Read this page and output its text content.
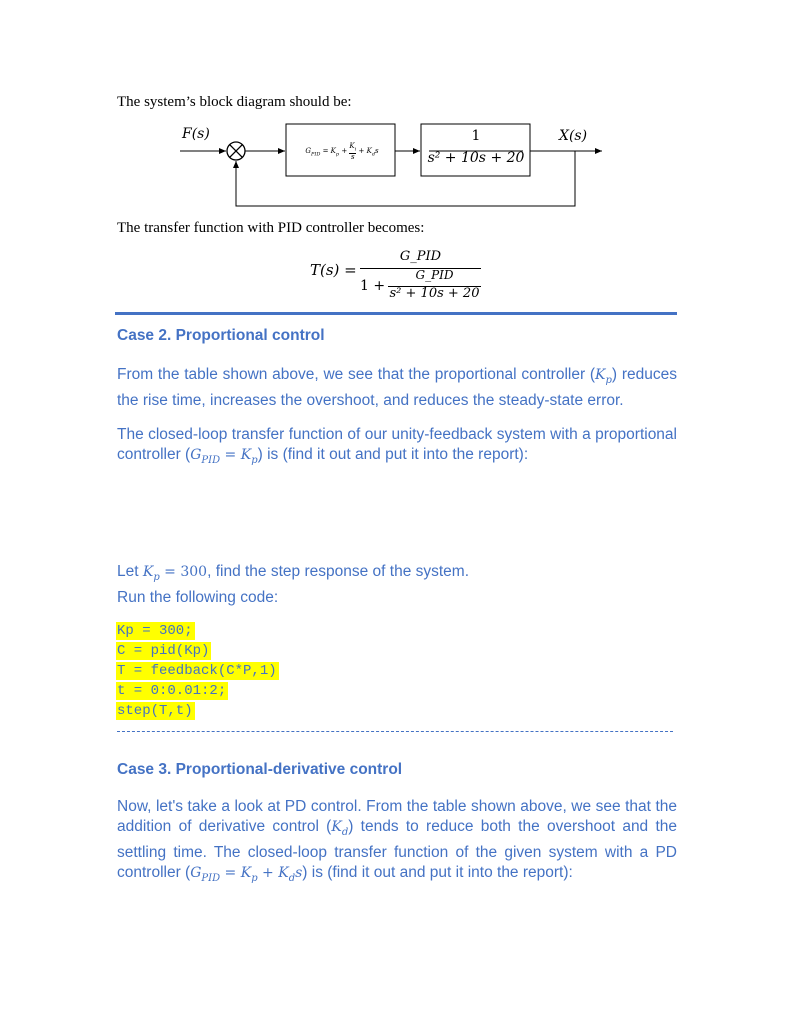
The system’s block diagram should be:
F(s)	X(s)
$G_{PID} = K_p + \frac{K_i}{s} + K_ds$
1
s² + 10s + 20
The transfer function with PID controller becomes:
T(s) =
G_PID
1 +
G_PID
s² + 10s + 20
Case 2. Proportional control
From the table shown above, we see that the proportional controller $(K_p)$ reduces the rise time, increases the overshoot, and reduces the steady-state error.
The closed-loop transfer function of our unity-feedback system with a proportional controller $(G_{PID} = K_p)$ is (find it out and put it into the report):
Let $K_p = 300$, find the step response of the system.
Run the following code:
Kp = 300;
C = pid(Kp)
T = feedback(C*P,1)
t = 0:0.01:2;
step(T,t)
Case 3. Proportional-derivative control
Now, let's take a look at PD control. From the table shown above, we see that the addition of derivative control $(K_d)$ tends to reduce both the overshoot and the settling time. The closed-loop transfer function of the given system with a PD controller $(G_{PID} = K_p + K_ds)$ is (find it out and put it into the report):
